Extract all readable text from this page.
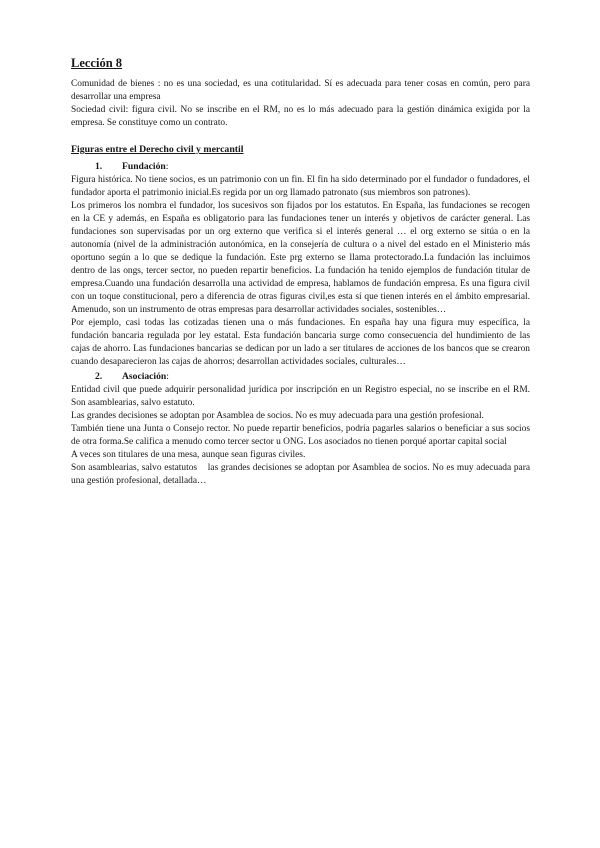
Lección 8

Comunidad de bienes : no es una sociedad, es una cotitularidad. Sí es adecuada para tener cosas en común, pero para desarrollar una empresa

Sociedad civil: figura civil. No se inscribe en el RM, no es lo más adecuado para la gestión dinámica exigida por la empresa. Se constituye como un contrato.

Figuras entre el Derecho civil y mercantil
1. Fundación:

Figura histórica. No tiene socios, es un patrimonio con un fin. El fin ha sido determinado por el fundador o fundadores, el fundador aporta el patrimonio inicial.Es regida por un org llamado patronato (sus miembros son patrones).

Los primeros los nombra el fundador, los sucesivos son fijados por los estatutos. En España, las fundaciones se recogen en la CE y además, en España es obligatorio para las fundaciones tener un interés y objetivos de carácter general. Las fundaciones son supervisadas por un org externo que verifica si el interés general … el org externo se sitúa o en la autonomía (nivel de la administración autonómica, en la consejería de cultura o a nivel del estado en el Ministerio más oportuno según a lo que se dedique la fundación. Este prg externo se llama protectorado.La fundación las incluimos dentro de las ongs, tercer sector, no pueden repartir beneficios. La fundación ha tenido ejemplos de fundación titular de empresa.Cuando una fundación desarrolla una actividad de empresa, hablamos de fundación empresa. Es una figura civil con un toque constitucional, pero a diferencia de otras figuras civil,es esta sí que tienen interés en el ámbito empresarial. Amenudo, son un instrumento de otras empresas para desarrollar actividades sociales, sostenibles…

Por ejemplo, casi todas las cotizadas tienen una o más fundaciones. En españa hay una figura muy específica, la fundación bancaria regulada por ley estatal. Esta fundación bancaria surge como consecuencia del hundimiento de las cajas de ahorro. Las fundaciones bancarias se dedican por un lado a ser titulares de acciones de los bancos que se crearon cuando desaparecieron las cajas de ahorros; desarrollan actividades sociales, culturales…

2. Asociación:

Entidad civil que puede adquirir personalidad jurídica por inscripción en un Registro especial, no se inscribe en el RM. Son asamblearias, salvo estatuto.

Las grandes decisiones se adoptan por Asamblea de socios. No es muy adecuada para una gestión profesional.

También tiene una Junta o Consejo rector. No puede repartir beneficios, podría pagarles salarios o beneficiar a sus socios de otra forma.Se califica a menudo como tercer sector u ONG. Los asociados no tienen porqué aportar capital social

A veces son titulares de una mesa, aunque sean figuras civiles.

Son asamblearias, salvo estatutos    las grandes decisiones se adoptan por Asamblea de socios. No es muy adecuada para una gestión profesional, detallada…
